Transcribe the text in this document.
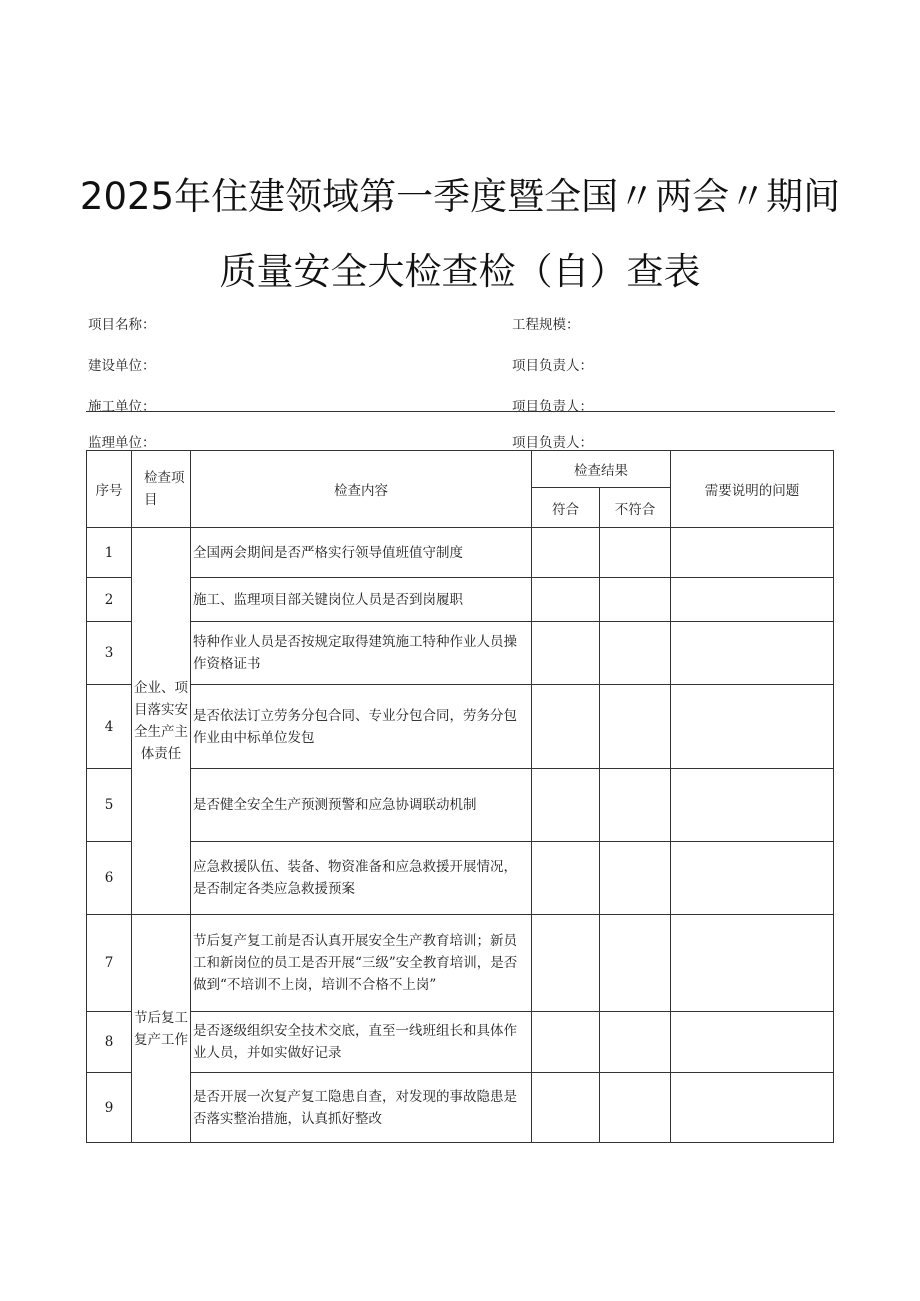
2025年住建领域第一季度暨全国〃两会〃期间
质量安全大检查检（自）查表
项目名称：	工程规模：
建设单位：	项目负责人：
施工单位：	项目负责人：
监理单位：	项目负责人：
序号	检查项目	检查内容	检查结果		需要说明的问题
			符合	不符合	
1	企业、项目落实安全生产主体责任	全国两会期间是否严格实行领导值班值守制度			
2		施工、监理项目部关键岗位人员是否到岗履职			
3		特种作业人员是否按规定取得建筑施工特种作业人员操作资格证书			
4		是否依法订立劳务分包合同、专业分包合同，劳务分包作业由中标单位发包			
5		是否健全安全生产预测预警和应急协调联动机制			
6		应急救援队伍、装备、物资准备和应急救援开展情况，是否制定各类应急救援预案			
7	节后复工复产工作	节后复产复工前是否认真开展安全生产教育培训；新员工和新岗位的员工是否开展“三级”安全教育培训，是否做到“不培训不上岗，培训不合格不上岗”			
8		是否逐级组织安全技术交底，直至一线班组长和具体作业人员，并如实做好记录			
9		是否开展一次复产复工隐患自查，对发现的事故隐患是否落实整治措施，认真抓好整改			
